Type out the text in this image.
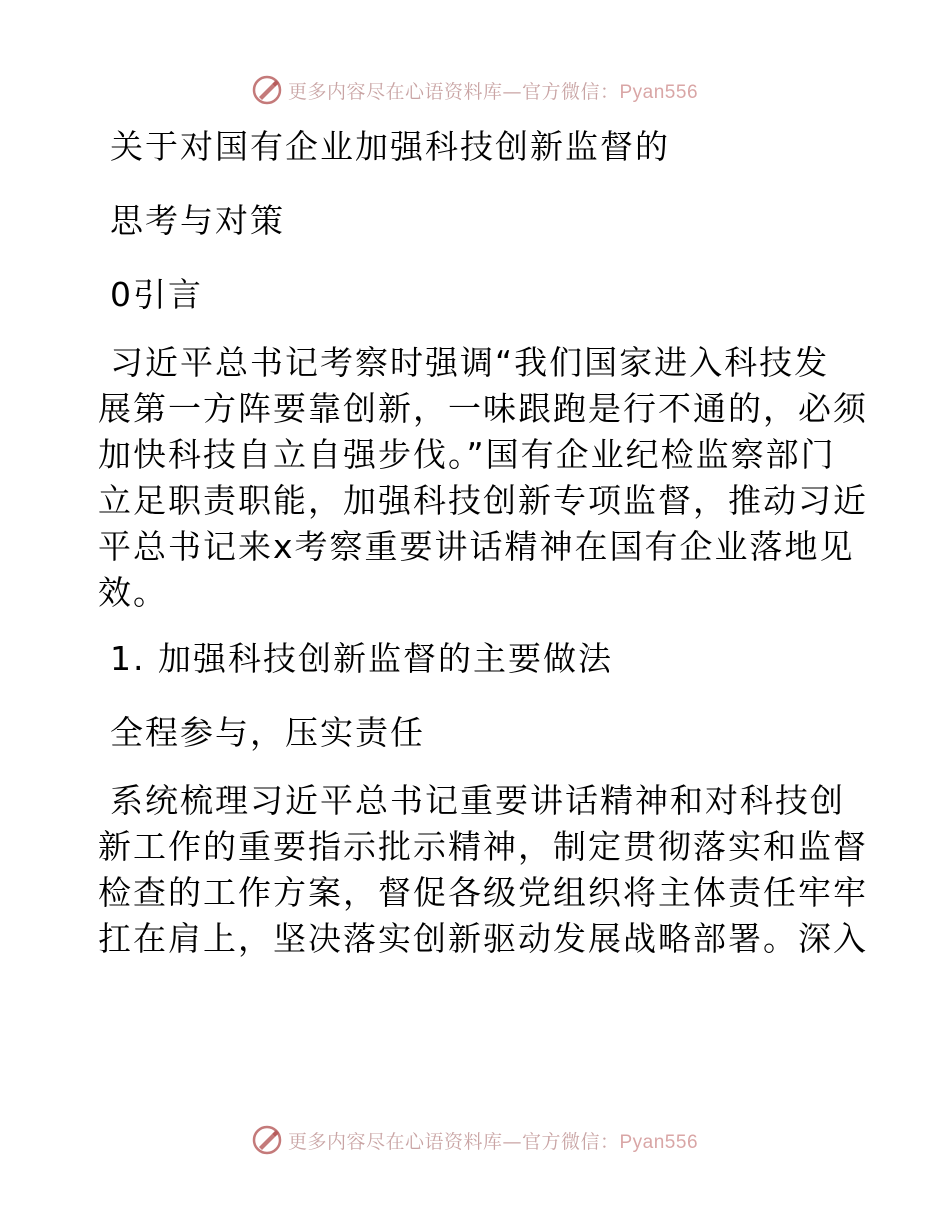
更多内容尽在心语资料库—官方微信：Pyan556
关于对国有企业加强科技创新监督的
思考与对策
0引言
习近平总书记考察时强调“我们国家进入科技发
展第一方阵要靠创新，一味跟跑是行不通的，必须
加快科技自立自强步伐。”国有企业纪检监察部门
立足职责职能，加强科技创新专项监督，推动习近
平总书记来x考察重要讲话精神在国有企业落地见
效。
1. 加强科技创新监督的主要做法
全程参与，压实责任
系统梳理习近平总书记重要讲话精神和对科技创
新工作的重要指示批示精神，制定贯彻落实和监督
检查的工作方案，督促各级党组织将主体责任牢牢
扛在肩上，坚决落实创新驱动发展战略部署。深入
更多内容尽在心语资料库—官方微信：Pyan556
